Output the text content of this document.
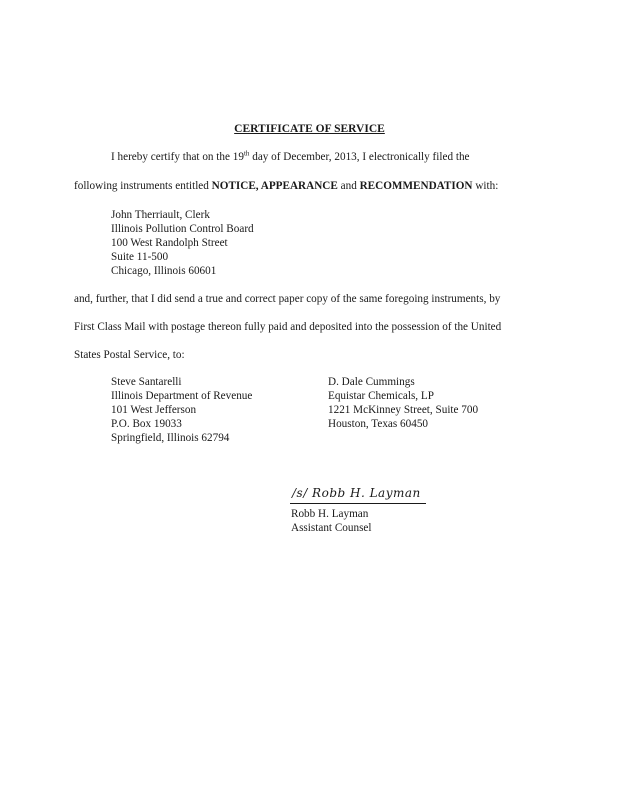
CERTIFICATE OF SERVICE
I hereby certify that on the 19th day of December, 2013, I electronically filed the
following instruments entitled NOTICE, APPEARANCE and RECOMMENDATION with:
John Therriault, Clerk
Illinois Pollution Control Board
100 West Randolph Street
Suite 11-500
Chicago, Illinois 60601
and, further, that I did send a true and correct paper copy of the same foregoing instruments, by
First Class Mail with postage thereon fully paid and deposited into the possession of the United
States Postal Service, to:
Steve Santarelli
Illinois Department of Revenue
101 West Jefferson
P.O. Box 19033
Springfield, Illinois 62794
D. Dale Cummings
Equistar Chemicals, LP
1221 McKinney Street, Suite 700
Houston, Texas 60450
/s/ Robb H. Layman
Robb H. Layman
Assistant Counsel
